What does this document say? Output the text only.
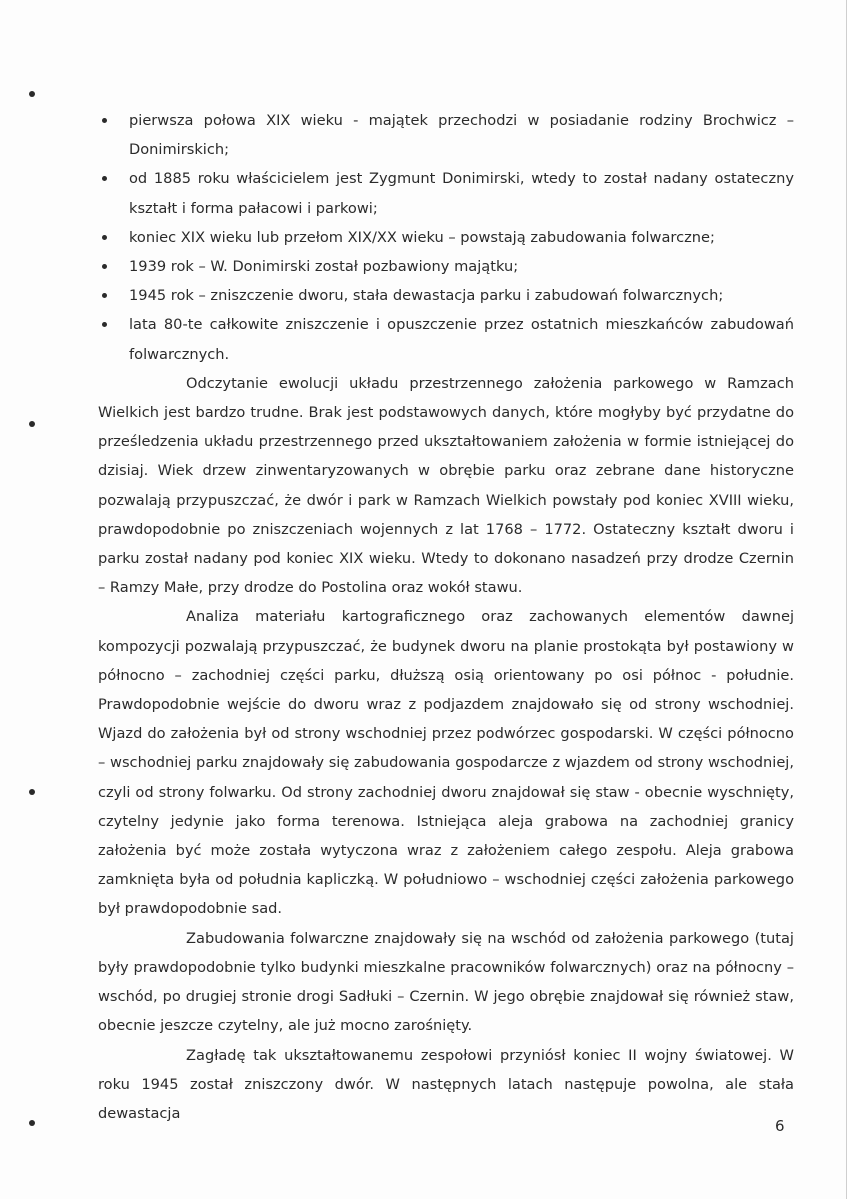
pierwsza połowa XIX wieku - majątek przechodzi w posiadanie rodziny Brochwicz – Donimirskich;
od 1885 roku właścicielem jest Zygmunt Donimirski, wtedy to został nadany ostateczny kształt i forma pałacowi i parkowi;
koniec XIX wieku lub przełom XIX/XX wieku – powstają zabudowania folwarczne;
1939 rok – W. Donimirski został pozbawiony majątku;
1945 rok – zniszczenie dworu, stała dewastacja parku i zabudowań folwarcznych;
lata 80-te całkowite zniszczenie i opuszczenie przez ostatnich mieszkańców zabudowań folwarcznych.

Odczytanie ewolucji układu przestrzennego założenia parkowego w Ramzach Wielkich jest bardzo trudne. Brak jest podstawowych danych, które mogłyby być przydatne do prześledzenia układu przestrzennego przed ukształtowaniem założenia w formie istniejącej do dzisiaj. Wiek drzew zinwentaryzowanych w obrębie parku oraz zebrane dane historyczne pozwalają przypuszczać, że dwór i park w Ramzach Wielkich powstały pod koniec XVIII wieku, prawdopodobnie po zniszczeniach wojennych z lat 1768 – 1772. Ostateczny kształt dworu i parku został nadany pod koniec XIX wieku. Wtedy to dokonano nasadzeń przy drodze Czernin – Ramzy Małe, przy drodze do Postolina oraz wokół stawu.

Analiza materiału kartograficznego oraz zachowanych elementów dawnej kompozycji pozwalają przypuszczać, że budynek dworu na planie prostokąta był postawiony w północno – zachodniej części parku, dłuższą osią orientowany po osi północ - południe. Prawdopodobnie wejście do dworu wraz z podjazdem znajdowało się od strony wschodniej. Wjazd do założenia był od strony wschodniej przez podwórzec gospodarski. W części północno – wschodniej parku znajdowały się zabudowania gospodarcze z wjazdem od strony wschodniej, czyli od strony folwarku. Od strony zachodniej dworu znajdował się staw - obecnie wyschnięty, czytelny jedynie jako forma terenowa. Istniejąca aleja grabowa na zachodniej granicy założenia być może została wytyczona wraz z założeniem całego zespołu. Aleja grabowa zamknięta była od południa kapliczką. W południowo – wschodniej części założenia parkowego był prawdopodobnie sad.

Zabudowania folwarczne znajdowały się na wschód od założenia parkowego (tutaj były prawdopodobnie tylko budynki mieszkalne pracowników folwarcznych) oraz na północny – wschód, po drugiej stronie drogi Sadłuki – Czernin. W jego obrębie znajdował się również staw, obecnie jeszcze czytelny, ale już mocno zarośnięty.

Zagładę tak ukształtowanemu zespołowi przyniósł koniec II wojny światowej. W roku 1945 został zniszczony dwór. W następnych latach następuje powolna, ale stała dewastacja

6
